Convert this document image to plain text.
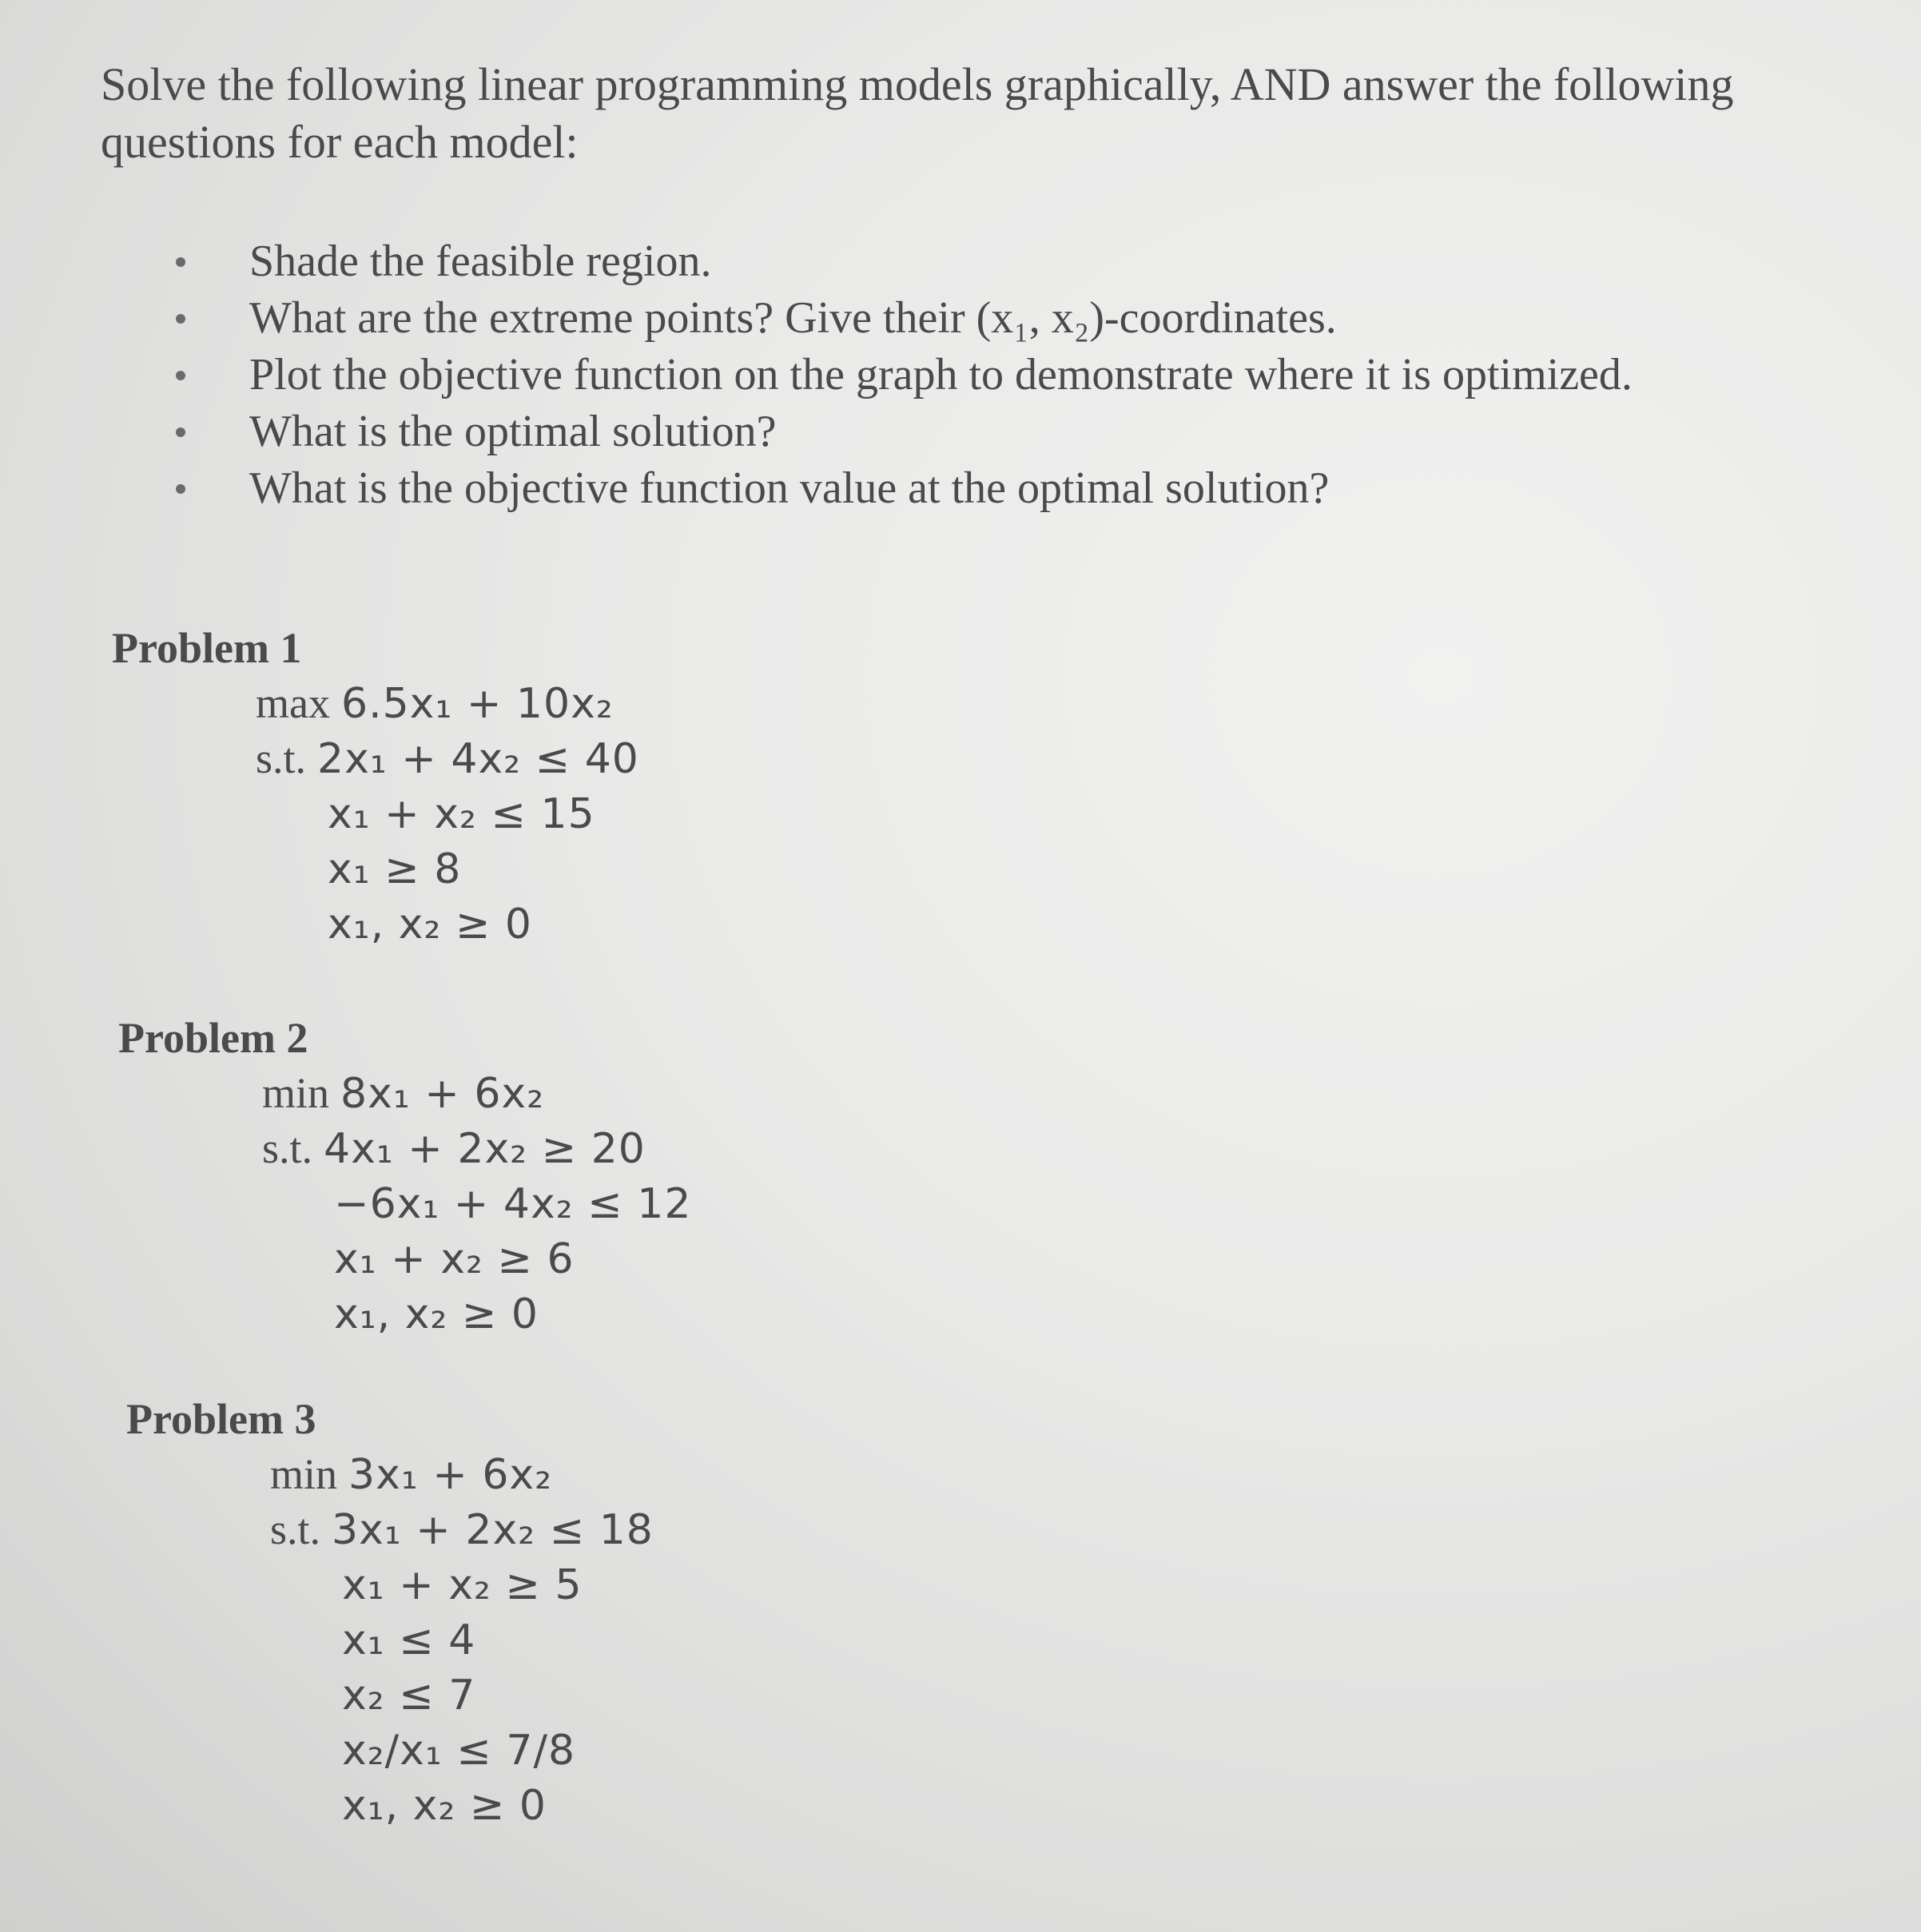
Solve the following linear programming models graphically, AND answer the following questions for each model:

Shade the feasible region.
What are the extreme points? Give their (x₁, x₂)-coordinates.
Plot the objective function on the graph to demonstrate where it is optimized.
What is the optimal solution?
What is the objective function value at the optimal solution?
Problem 1
max 6.5x₁ + 10x₂
s.t. 2x₁ + 4x₂ ≤ 40
x₁ + x₂ ≤ 15
x₁ ≥ 8
x₁, x₂ ≥ 0
Problem 2
min 8x₁ + 6x₂
s.t. 4x₁ + 2x₂ ≥ 20
−6x₁ + 4x₂ ≤ 12
x₁ + x₂ ≥ 6
x₁, x₂ ≥ 0
Problem 3
min 3x₁ + 6x₂
s.t. 3x₁ + 2x₂ ≤ 18
x₁ + x₂ ≥ 5
x₁ ≤ 4
x₂ ≤ 7
x₂/x₁ ≤ 7/8
x₁, x₂ ≥ 0
